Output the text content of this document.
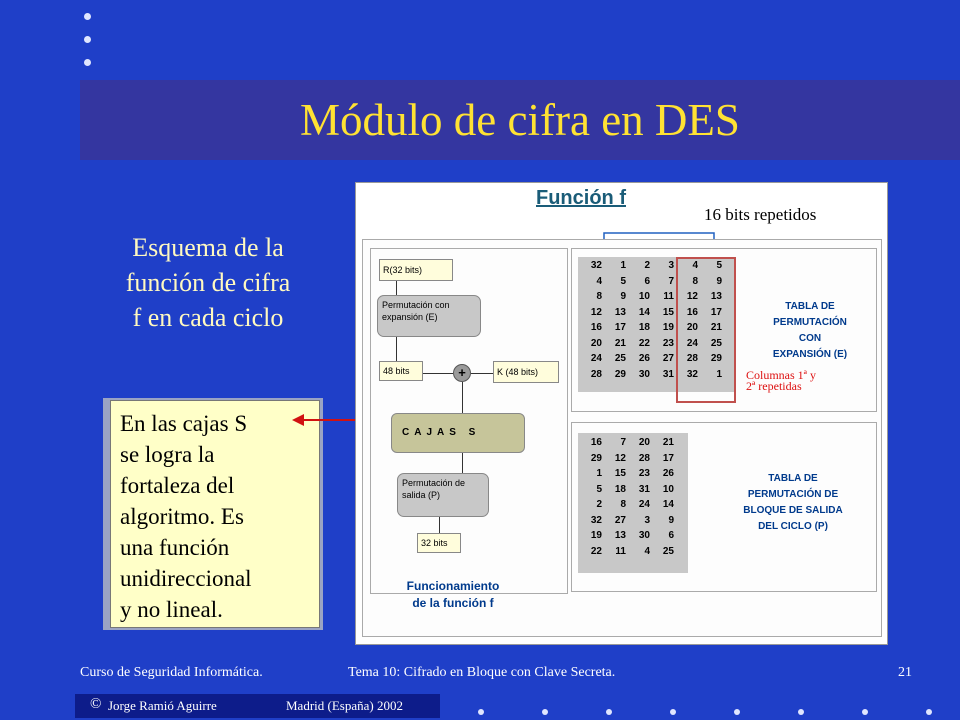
Módulo de cifra en DES
Esquema de la
función de cifra
f en cada ciclo
En las cajas S
se logra la
fortaleza del
algoritmo. Es
una función
unidireccional
y no lineal.
Función f
16 bits repetidos
R(32 bits)
Permutación con expansión (E)
48 bits	+	K (48 bits)
CAJAS S
Permutación de salida (P)
32 bits
32	1	2	3	4	5
4	5	6	7	8	9
8	9	10	11	12	13
12	13	14	15	16	17
16	17	18	19	20	21
20	21	22	23	24	25
24	25	26	27	28	29
28	29	30	31	32	1
TABLA DE
PERMUTACIÓN
CON
EXPANSIÓN (E)
16	7	20	21
29	12	28	17
1	15	23	26
5	18	31	10
2	8	24	14
32	27	3	9
19	13	30	6
22	11	4	25
TABLA DE
PERMUTACIÓN DE
BLOQUE DE SALIDA
DEL CICLO (P)
Funcionamiento
de la función f
Columnas 1ª y
2ª repetidas
Curso de Seguridad Informática.	Tema 10: Cifrado en Bloque con Clave Secreta.	21
© Jorge Ramió Aguirre	Madrid (España) 2002
